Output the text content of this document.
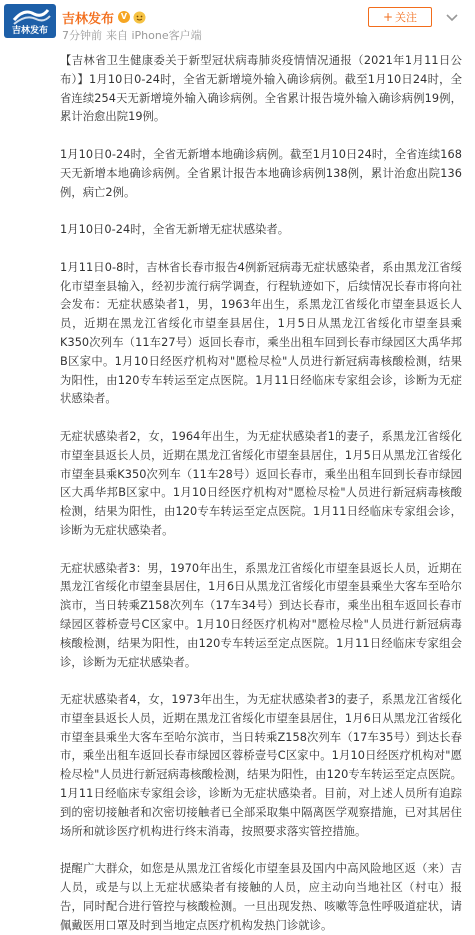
吉林发布
吉林发布 V
7分钟前 来自 iPhone客户端
+ 关注

【吉林省卫生健康委关于新型冠状病毒肺炎疫情情况通报（2021年1月11日公布）】1月10日0-24时，全省无新增境外输入确诊病例。截至1月10日24时，全省连续254天无新增境外输入确诊病例。全省累计报告境外输入确诊病例19例，累计治愈出院19例。

1月10日0-24时，全省无新增本地确诊病例。截至1月10日24时，全省连续168天无新增本地确诊病例。全省累计报告本地确诊病例138例，累计治愈出院136例，病亡2例。

1月10日0-24时，全省无新增无症状感染者。

1月11日0-8时，吉林省长春市报告4例新冠病毒无症状感染者，系由黑龙江省绥化市望奎县输入，经初步流行病学调查，行程轨迹如下，后续情况长春市将向社会发布：无症状感染者1，男，1963年出生，系黑龙江省绥化市望奎县返长人员，近期在黑龙江省绥化市望奎县居住，1月5日从黑龙江省绥化市望奎县乘K350次列车（11车27号）返回长春市，乘坐出租车回到长春市绿园区大禹华邦B区家中。1月10日经医疗机构对"愿检尽检"人员进行新冠病毒核酸检测，结果为阳性，由120专车转运至定点医院。1月11日经临床专家组会诊，诊断为无症状感染者。

无症状感染者2，女，1964年出生，为无症状感染者1的妻子，系黑龙江省绥化市望奎县返长人员，近期在黑龙江省绥化市望奎县居住，1月5日从黑龙江省绥化市望奎县乘K350次列车（11车28号）返回长春市，乘坐出租车回到长春市绿园区大禹华邦B区家中。1月10日经医疗机构对"愿检尽检"人员进行新冠病毒核酸检测，结果为阳性，由120专车转运至定点医院。1月11日经临床专家组会诊，诊断为无症状感染者。

无症状感染者3：男，1970年出生，系黑龙江省绥化市望奎县返长人员，近期在黑龙江省绥化市望奎县居住，1月6日从黑龙江省绥化市望奎县乘坐大客车至哈尔滨市，当日转乘Z158次列车（17车34号）到达长春市，乘坐出租车返回长春市绿园区蓉桥壹号C区家中。1月10日经医疗机构对"愿检尽检"人员进行新冠病毒核酸检测，结果为阳性，由120专车转运至定点医院。1月11日经临床专家组会诊，诊断为无症状感染者。

无症状感染者4，女，1973年出生，为无症状感染者3的妻子，系黑龙江省绥化市望奎县返长人员，近期在黑龙江省绥化市望奎县居住，1月6日从黑龙江省绥化市望奎县乘坐大客车至哈尔滨市，当日转乘Z158次列车（17车35号）到达长春市，乘坐出租车返回长春市绿园区蓉桥壹号C区家中。1月10日经医疗机构对"愿检尽检"人员进行新冠病毒核酸检测，结果为阳性，由120专车转运至定点医院。1月11日经临床专家组会诊，诊断为无症状感染者。目前，对上述人员所有追踪到的密切接触者和次密切接触者已全部采取集中隔离医学观察措施，已对其居住场所和就诊医疗机构进行终末消毒，按照要求落实管控措施。

提醒广大群众，如您是从黑龙江省绥化市望奎县及国内中高风险地区返（来）吉人员，或是与以上无症状感染者有接触的人员，应主动向当地社区（村屯）报告，同时配合进行管控与核酸检测。一旦出现发热、咳嗽等急性呼吸道症状，请佩戴医用口罩及时到当地定点医疗机构发热门诊就诊。
